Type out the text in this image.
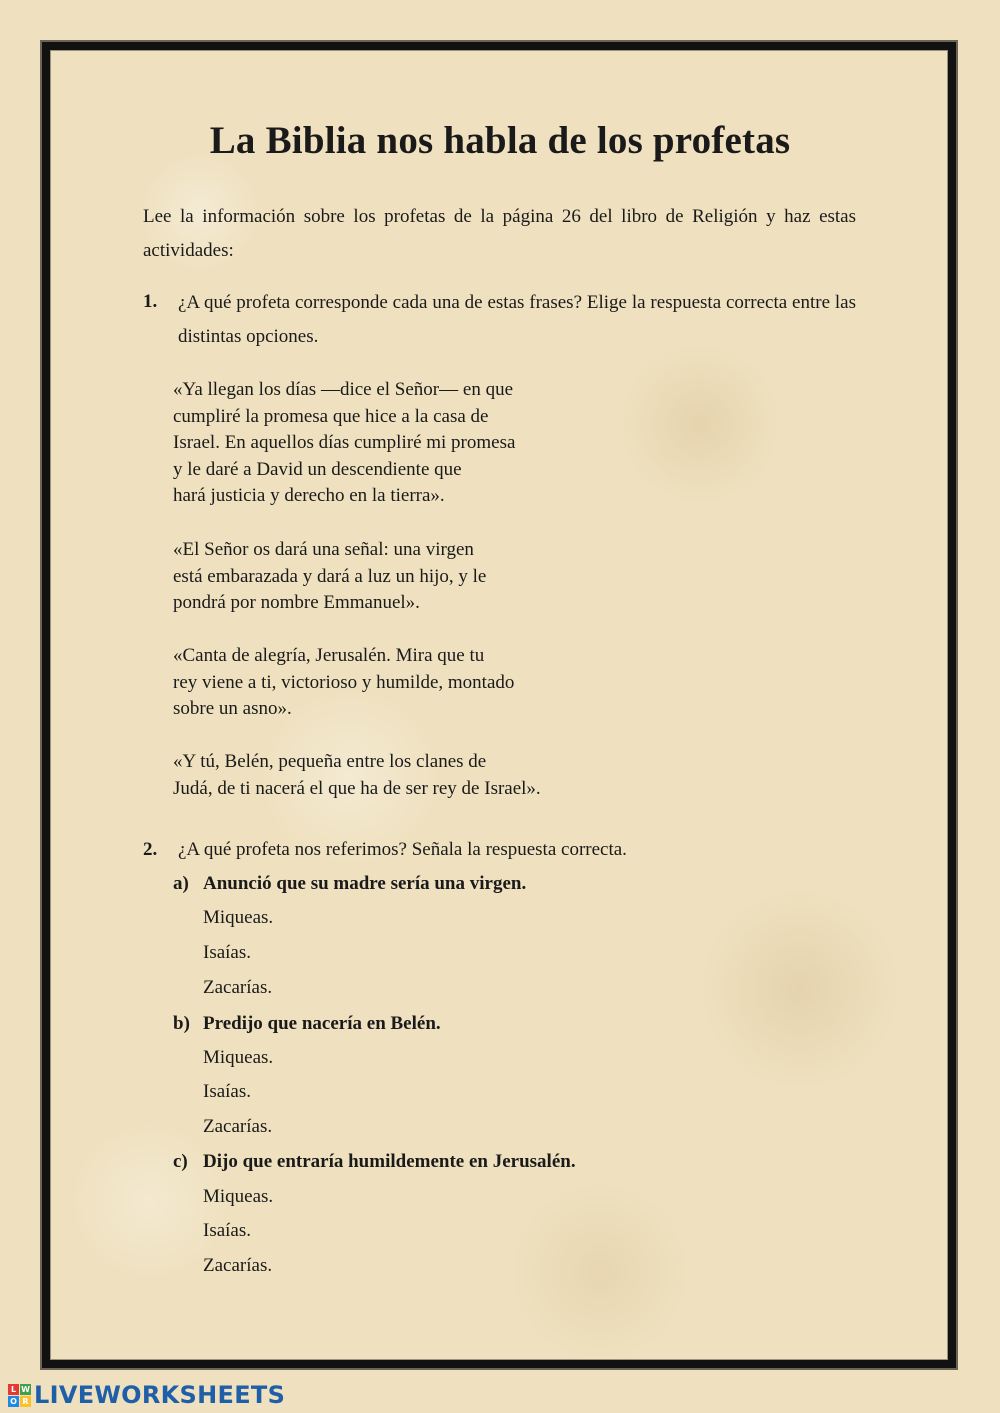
La Biblia nos habla de los profetas

Lee la información sobre los profetas de la página 26 del libro de Religión y haz estas actividades:

1. ¿A qué profeta corresponde cada una de estas frases? Elige la respuesta correcta entre las distintas opciones.

«Ya llegan los días —dice el Señor— en que
cumpliré la promesa que hice a la casa de
Israel. En aquellos días cumpliré mi promesa
y le daré a David un descendiente que
hará justicia y derecho en la tierra».

«El Señor os dará una señal: una virgen
está embarazada y dará a luz un hijo, y le
pondrá por nombre Emmanuel».

«Canta de alegría, Jerusalén. Mira que tu
rey viene a ti, victorioso y humilde, montado
sobre un asno».

«Y tú, Belén, pequeña entre los clanes de
Judá, de ti nacerá el que ha de ser rey de Israel».

2. ¿A qué profeta nos referimos? Señala la respuesta correcta.

a) Anunció que su madre sería una virgen.
Miqueas.
Isaías.
Zacarías.
b) Predijo que nacería en Belén.
Miqueas.
Isaías.
Zacarías.
c) Dijo que entraría humildemente en Jerusalén.
Miqueas.
Isaías.
Zacarías.
L W
O R LIVEWORKSHEETS
